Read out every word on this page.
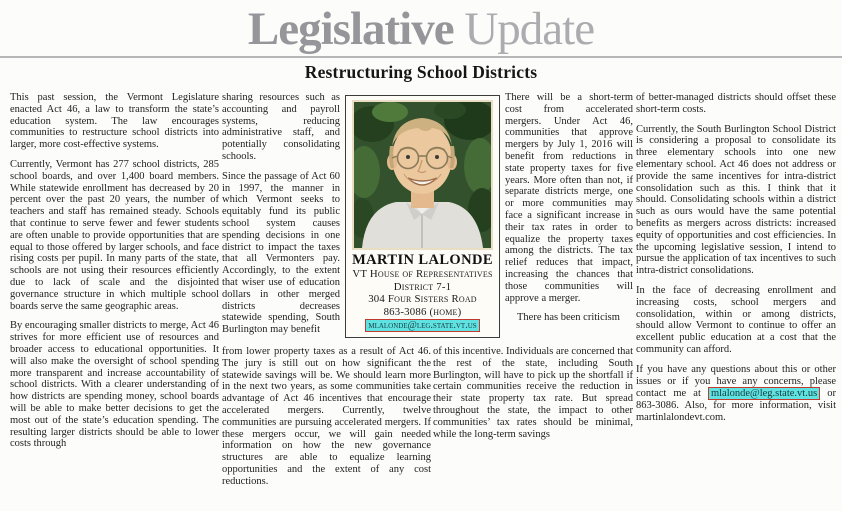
Legislative Update
Restructuring School Districts

This past session, the Vermont Legislature enacted Act 46, a law to transform the state’s education system. The law encourages communities to restructure school districts into larger, more cost-effective systems.

Currently, Vermont has 277 school districts, 285 school boards, and over 1,400 board members. While statewide enrollment has decreased by 20 percent over the past 20 years, the number of teachers and staff has remained steady. Schools that continue to serve fewer and fewer students are often unable to provide opportunities that are equal to those offered by larger schools, and face rising costs per pupil. In many parts of the state, schools are not using their resources efficiently due to lack of scale and the disjointed governance structure in which multiple school boards serve the same geographic areas.

By encouraging smaller districts to merge, Act 46 strives for more efficient use of resources and broader access to educational opportunities. It will also make the oversight of school spending more transparent and increase accountability of school districts. With a clearer understanding of how districts are spending money, school boards will be able to make better decisions to get the most out of the state’s education spending. The resulting larger districts should be able to lower costs through

sharing resources such as accounting and payroll systems, reducing administrative staff, and potentially consolidating schools.

Since the passage of Act 60 in 1997, the manner in which Vermont seeks to equitably fund its public school system causes spending decisions in one district to impact the taxes that all Vermonters pay. Accordingly, to the extent that wiser use of education dollars in other merged districts decreases statewide spending, South Burlington may benefit

from lower property taxes as a result of Act 46. The jury is still out on how significant the statewide savings will be. We should learn more in the next two years, as some communities take advantage of Act 46 incentives that encourage accelerated mergers. Currently, twelve communities are pursuing accelerated mergers. If these mergers occur, we will gain needed information on how the new governance structures are able to equalize learning opportunities and the extent of any cost reductions.

MARTIN LALONDE
VT House of Representatives
District 7-1
304 Four Sisters Road
863-3086 (home)
mlalonde@leg.state.vt.us

There will be a short-term cost from accelerated mergers. Under Act 46, communities that approve mergers by July 1, 2016 will benefit from reductions in state property taxes for five years. More often than not, if separate districts merge, one or more communities may face a significant increase in their tax rates in order to equalize the property taxes among the districts. The tax relief reduces that impact, increasing the chances that those communities will approve a merger.

There has been criticism

of this incentive. Individuals are concerned that the rest of the state, including South Burlington, will have to pick up the shortfall if certain communities receive the reduction in their state property tax rate. But spread throughout the state, the impact to other communities’ tax rates should be minimal, while the long-term savings

of better-managed districts should offset these short-term costs.

Currently, the South Burlington School District is considering a proposal to consolidate its three elementary schools into one new elementary school. Act 46 does not address or provide the same incentives for intra-district consolidation such as this. I think that it should. Consolidating schools within a district such as ours would have the same potential benefits as mergers across districts: increased equity of opportunities and cost efficiencies. In the upcoming legislative session, I intend to pursue the application of tax incentives to such intra-district consolidations.

In the face of decreasing enrollment and increasing costs, school mergers and consolidation, within or among districts, should allow Vermont to continue to offer an excellent public education at a cost that the community can afford.

If you have any questions about this or other issues or if you have any concerns, please contact me at mlalonde@leg.state.vt.us or 863-3086. Also, for more information, visit martinlalondevt.com.
